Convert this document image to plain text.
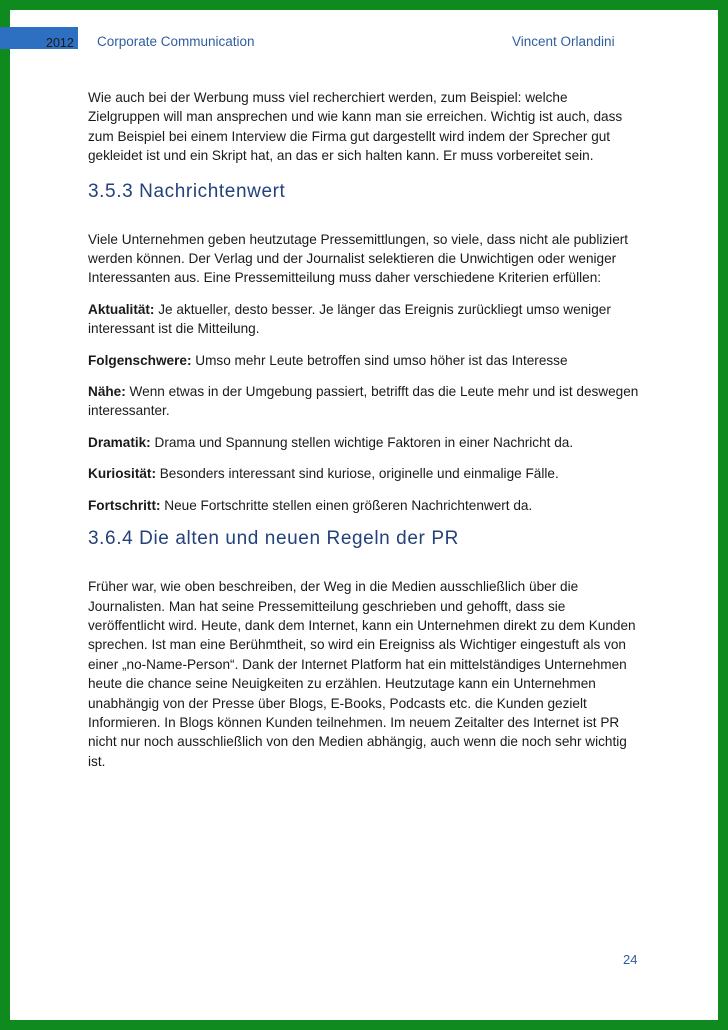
2012 Corporate Communication	Vincent Orlandini

Wie auch bei der Werbung muss viel recherchiert werden, zum Beispiel: welche Zielgruppen will man ansprechen und wie kann man sie erreichen. Wichtig ist auch, dass zum Beispiel bei einem Interview die Firma gut dargestellt wird indem der Sprecher gut gekleidet ist und ein Skript hat, an das er sich halten kann. Er muss vorbereitet sein.

3.5.3 Nachrichtenwert

Viele Unternehmen geben heutzutage Pressemittlungen, so viele, dass nicht ale publiziert werden können. Der Verlag und der Journalist selektieren die Unwichtigen oder weniger Interessanten aus. Eine Pressemitteilung muss daher verschiedene Kriterien erfüllen:

Aktualität: Je aktueller, desto besser. Je länger das Ereignis zurückliegt umso weniger interessant ist die Mitteilung.

Folgenschwere: Umso mehr Leute betroffen sind umso höher ist das Interesse

Nähe: Wenn etwas in der Umgebung passiert, betrifft das die Leute mehr und ist deswegen interessanter.

Dramatik: Drama und Spannung stellen wichtige Faktoren in einer Nachricht da.

Kuriosität: Besonders interessant sind kuriose, originelle und einmalige Fälle.

Fortschritt: Neue Fortschritte stellen einen größeren Nachrichtenwert da.

3.6.4 Die alten und neuen Regeln der PR

Früher war, wie oben beschreiben, der Weg in die Medien ausschließlich über die Journalisten. Man hat seine Pressemitteilung geschrieben und gehofft, dass sie veröffentlicht wird. Heute, dank dem Internet, kann ein Unternehmen direkt zu dem Kunden sprechen. Ist man eine Berühmtheit, so wird ein Ereigniss als Wichtiger eingestuft als von einer „no-Name-Person“. Dank der Internet Platform hat ein mittelständiges Unternehmen heute die chance seine Neuigkeiten zu erzählen. Heutzutage kann ein Unternehmen unabhängig von der Presse über Blogs, E-Books, Podcasts etc. die Kunden gezielt Informieren. In Blogs können Kunden teilnehmen. Im neuem Zeitalter des Internet ist PR nicht nur noch ausschließlich von den Medien abhängig, auch wenn die noch sehr wichtig ist.

24
